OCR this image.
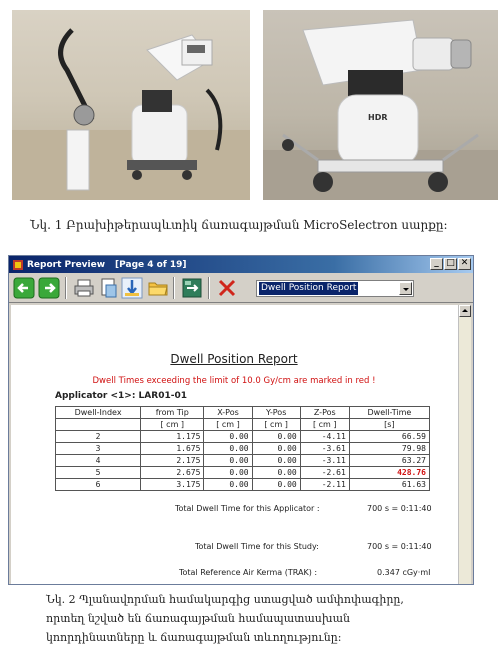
HDR
Նկ. 1 Բրախիթերապևտիկ ճառագայթման MicroSelectron սարքը:
Report Preview [Page 4 of 19]	_ □ ✕
Dwell Position Report
Dwell Position Report
Dwell Times exceeding the limit of 10.0 Gy/cm are marked in red !
Applicator <1>: LAR01-01
Dwell-Index	from Tip	X-Pos	Y-Pos	Z-Pos	Dwell-Time
	[ cm ]	[ cm ]	[ cm ]	[ cm ]	[s]
2	1.175	0.00	0.00	-4.11	66.59
3	1.675	0.00	0.00	-3.61	79.98
4	2.175	0.00	0.00	-3.11	63.27
5	2.675	0.00	0.00	-2.61	428.76
6	3.175	0.00	0.00	-2.11	61.63
Total Dwell Time for this Applicator :	700 s = 0:11:40
Total Dwell Time for this Study:	700 s = 0:11:40
Total Reference Air Kerma (TRAK) :	0.347 cGy·mI
Նկ. 2 Պլանավորման համակարգից ստացված ամփոփագիրը,
որտեղ նշված են ճառագայթման համապատասխան
կոորդինատները և ճառագայթման տևողությունը:
